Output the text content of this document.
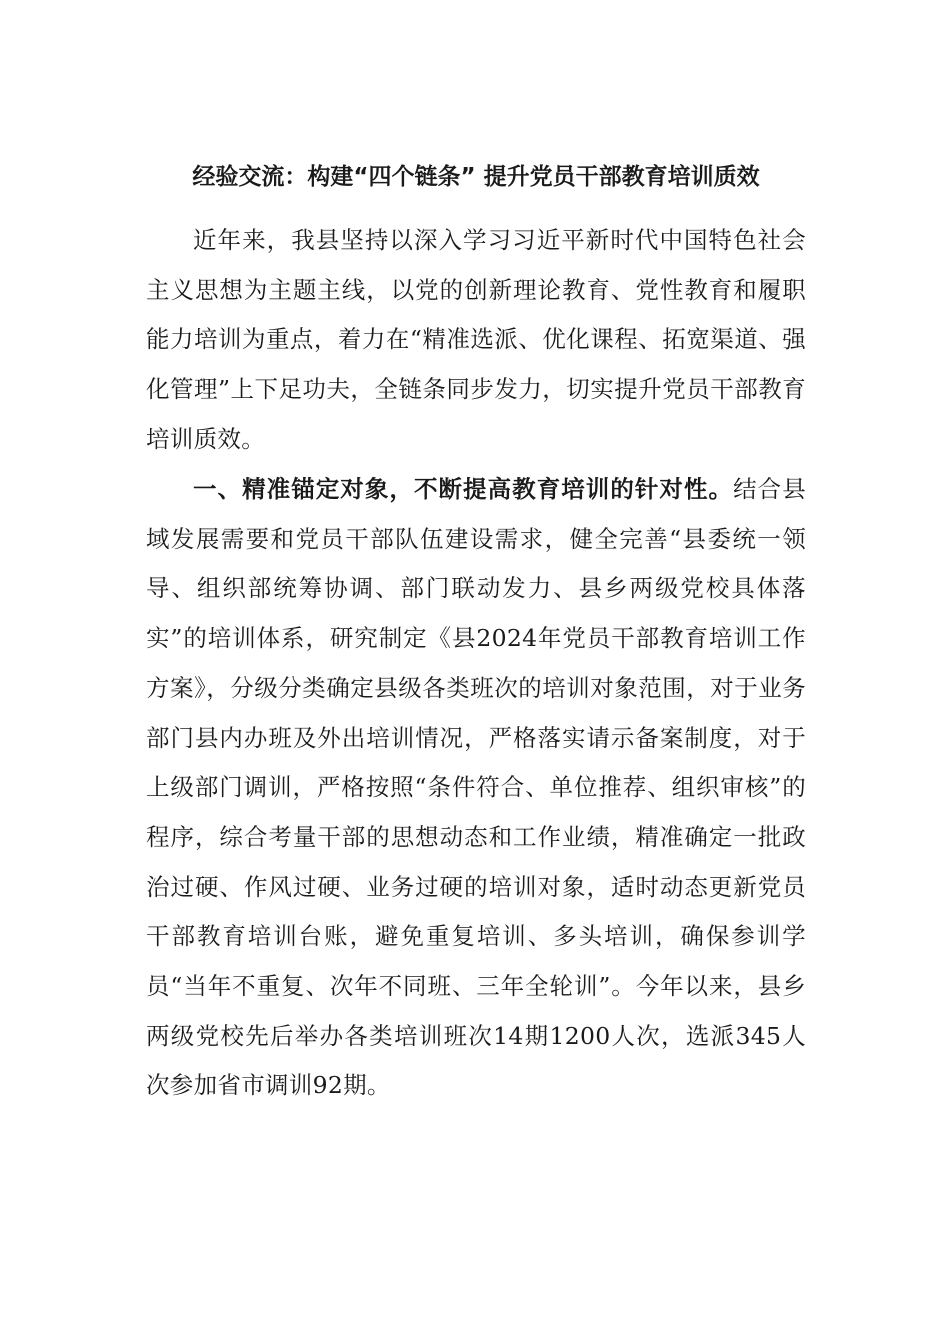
经验交流：构建“四个链条” 提升党员干部教育培训质效

近年来，我县坚持以深入学习习近平新时代中国特色社会主义思想为主题主线，以党的创新理论教育、党性教育和履职能力培训为重点，着力在“精准选派、优化课程、拓宽渠道、强化管理”上下足功夫，全链条同步发力，切实提升党员干部教育培训质效。

一、精准锚定对象，不断提高教育培训的针对性。结合县域发展需要和党员干部队伍建设需求，健全完善“县委统一领导、组织部统筹协调、部门联动发力、县乡两级党校具体落实”的培训体系，研究制定《县2024年党员干部教育培训工作方案》，分级分类确定县级各类班次的培训对象范围，对于业务部门县内办班及外出培训情况，严格落实请示备案制度，对于上级部门调训，严格按照“条件符合、单位推荐、组织审核”的程序，综合考量干部的思想动态和工作业绩，精准确定一批政治过硬、作风过硬、业务过硬的培训对象，适时动态更新党员干部教育培训台账，避免重复培训、多头培训，确保参训学员“当年不重复、次年不同班、三年全轮训”。今年以来，县乡两级党校先后举办各类培训班次14期1200人次，选派345人次参加省市调训92期。
